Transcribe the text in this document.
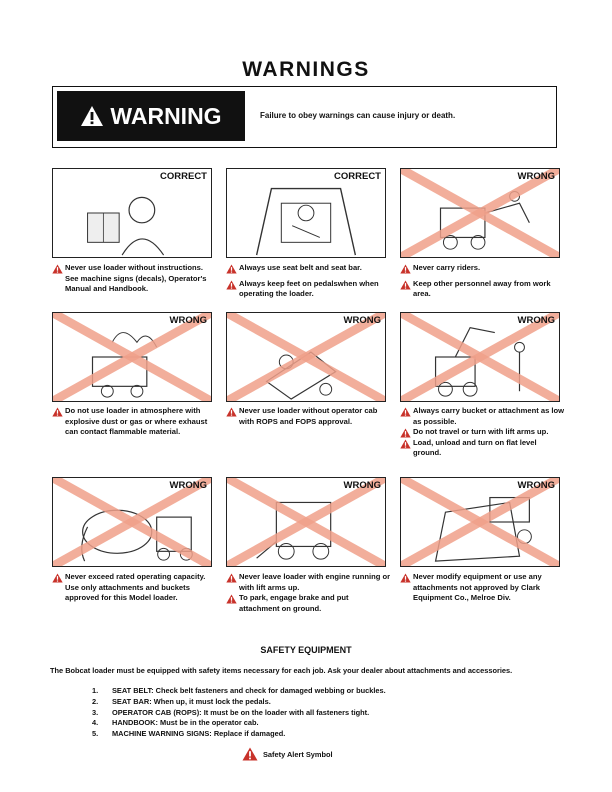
WARNINGS
WARNING	Failure to obey warnings can cause injury or death.
CORRECT
Never use loader without instructions. See machine signs (decals), Operator's Manual and Handbook.
CORRECT
Always use seat belt and seat bar.
Always keep feet on pedalswhen when operating the loader.
WRONG
Never carry riders.
Keep other personnel away from work area.
WRONG
Do not use loader in atmosphere with explosive dust or gas or where exhaust can contact flammable material.
WRONG
Never use loader without operator cab with ROPS and FOPS approval.
WRONG
Always carry bucket or attachment as low as possible.
Do not travel or turn with lift arms up.
Load, unload and turn on flat level ground.
WRONG
Never exceed rated operating capacity. Use only attachments and buckets approved for this Model loader.
WRONG
Never leave loader with engine running or with lift arms up.
To park, engage brake and put attachment on ground.
WRONG
Never modify equipment or use any attachments not approved by Clark Equipment Co., Melroe Div.
SAFETY EQUIPMENT
The Bobcat loader must be equipped with safety items necessary for each job. Ask your dealer about attachments and accessories.
1. SEAT BELT: Check belt fasteners and check for damaged webbing or buckles.
2. SEAT BAR: When up, it must lock the pedals.
3. OPERATOR CAB (ROPS): It must be on the loader with all fasteners tight.
4. HANDBOOK: Must be in the operator cab.
5. MACHINE WARNING SIGNS: Replace if damaged.
Safety Alert Symbol
